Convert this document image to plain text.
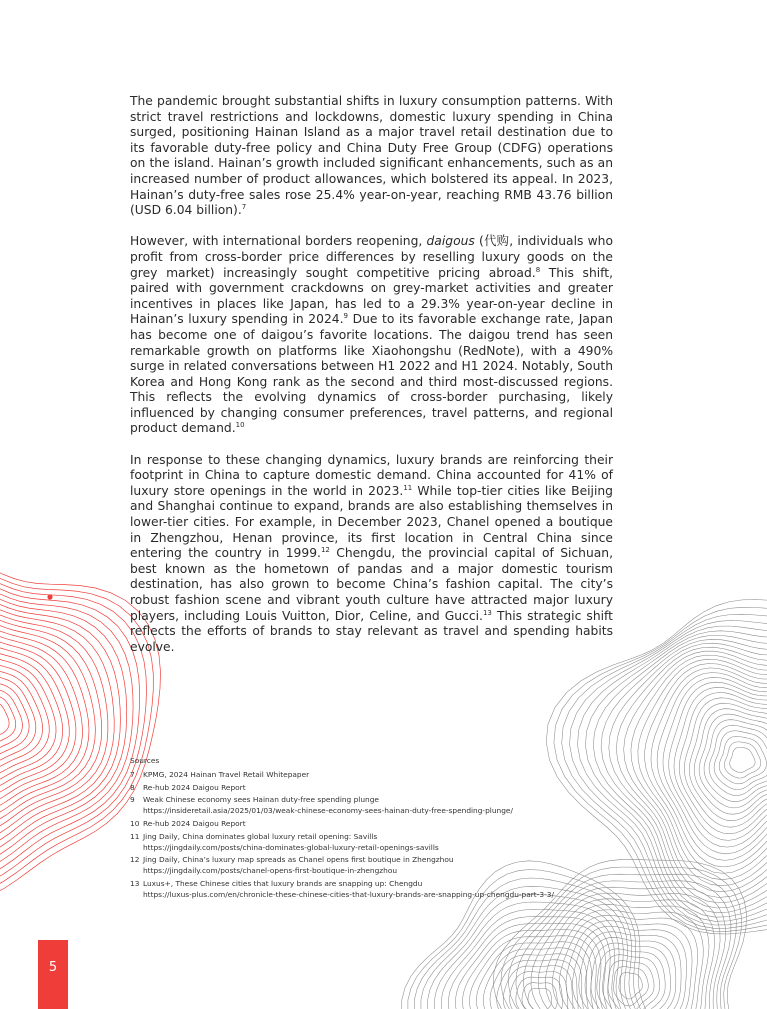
The pandemic brought substantial shifts in luxury consumption patterns. With strict travel restrictions and lockdowns, domestic luxury spending in China surged, positioning Hainan Island as a major travel retail destination due to its favorable duty-free policy and China Duty Free Group (CDFG) operations on the island. Hainan’s growth included significant enhancements, such as an increased number of product allowances, which bolstered its appeal. In 2023, Hainan’s duty-free sales rose 25.4% year-on-year, reaching RMB 43.76 billion (USD 6.04 billion).$^7$

However, with international borders reopening, daigous (代购, individuals who profit from cross-border price differences by reselling luxury goods on the grey market) increasingly sought competitive pricing abroad.$^8$ This shift, paired with government crackdowns on grey-market activities and greater incentives in places like Japan, has led to a 29.3% year-on-year decline in Hainan’s luxury spending in 2024.$^9$ Due to its favorable exchange rate, Japan has become one of daigou’s favorite locations. The daigou trend has seen remarkable growth on platforms like Xiaohongshu (RedNote), with a 490% surge in related conversations between H1 2022 and H1 2024. Notably, South Korea and Hong Kong rank as the second and third most-discussed regions. This reflects the evolving dynamics of cross-border purchasing, likely influenced by changing consumer preferences, travel patterns, and regional product demand.$^{10}$

In response to these changing dynamics, luxury brands are reinforcing their footprint in China to capture domestic demand. China accounted for 41% of luxury store openings in the world in 2023.11 While top-tier cities like Beijing and Shanghai continue to expand, brands are also establishing themselves in lower-tier cities. For example, in December 2023, Chanel opened a boutique in Zhengzhou, Henan province, its first location in Central China since entering the country in 1999.12 Chengdu, the provincial capital of Sichuan, best known as the hometown of pandas and a major domestic tourism destination, has also grown to become China’s fashion capital. The city’s robust fashion scene and vibrant youth culture have attracted major luxury players, including Louis Vuitton, Dior, Celine, and Gucci.$^{13}$ This strategic shift reflects the efforts of brands to stay relevant as travel and spending habits evolve.

Sources
7	KPMG, 2024 Hainan Travel Retail Whitepaper
8	Re-hub 2024 Daigou Report
9	Weak Chinese economy sees Hainan duty-free spending plunge
https://insideretail.asia/2025/01/03/weak-chinese-economy-sees-hainan-duty-free-spending-plunge/
10 Re-hub 2024 Daigou Report
11 Jing Daily, China dominates global luxury retail opening: Savills
https://jingdaily.com/posts/china-dominates-global-luxury-retail-openings-savills
12 Jing Daily, China’s luxury map spreads as Chanel opens first boutique in Zhengzhou
https://jingdaily.com/posts/chanel-opens-first-boutique-in-zhengzhou
13 Luxus+, These Chinese cities that luxury brands are snapping up: Chengdu
https://luxus-plus.com/en/chronicle-these-chinese-cities-that-luxury-brands-are-snapping-up-chengdu-part-3-3/
5
